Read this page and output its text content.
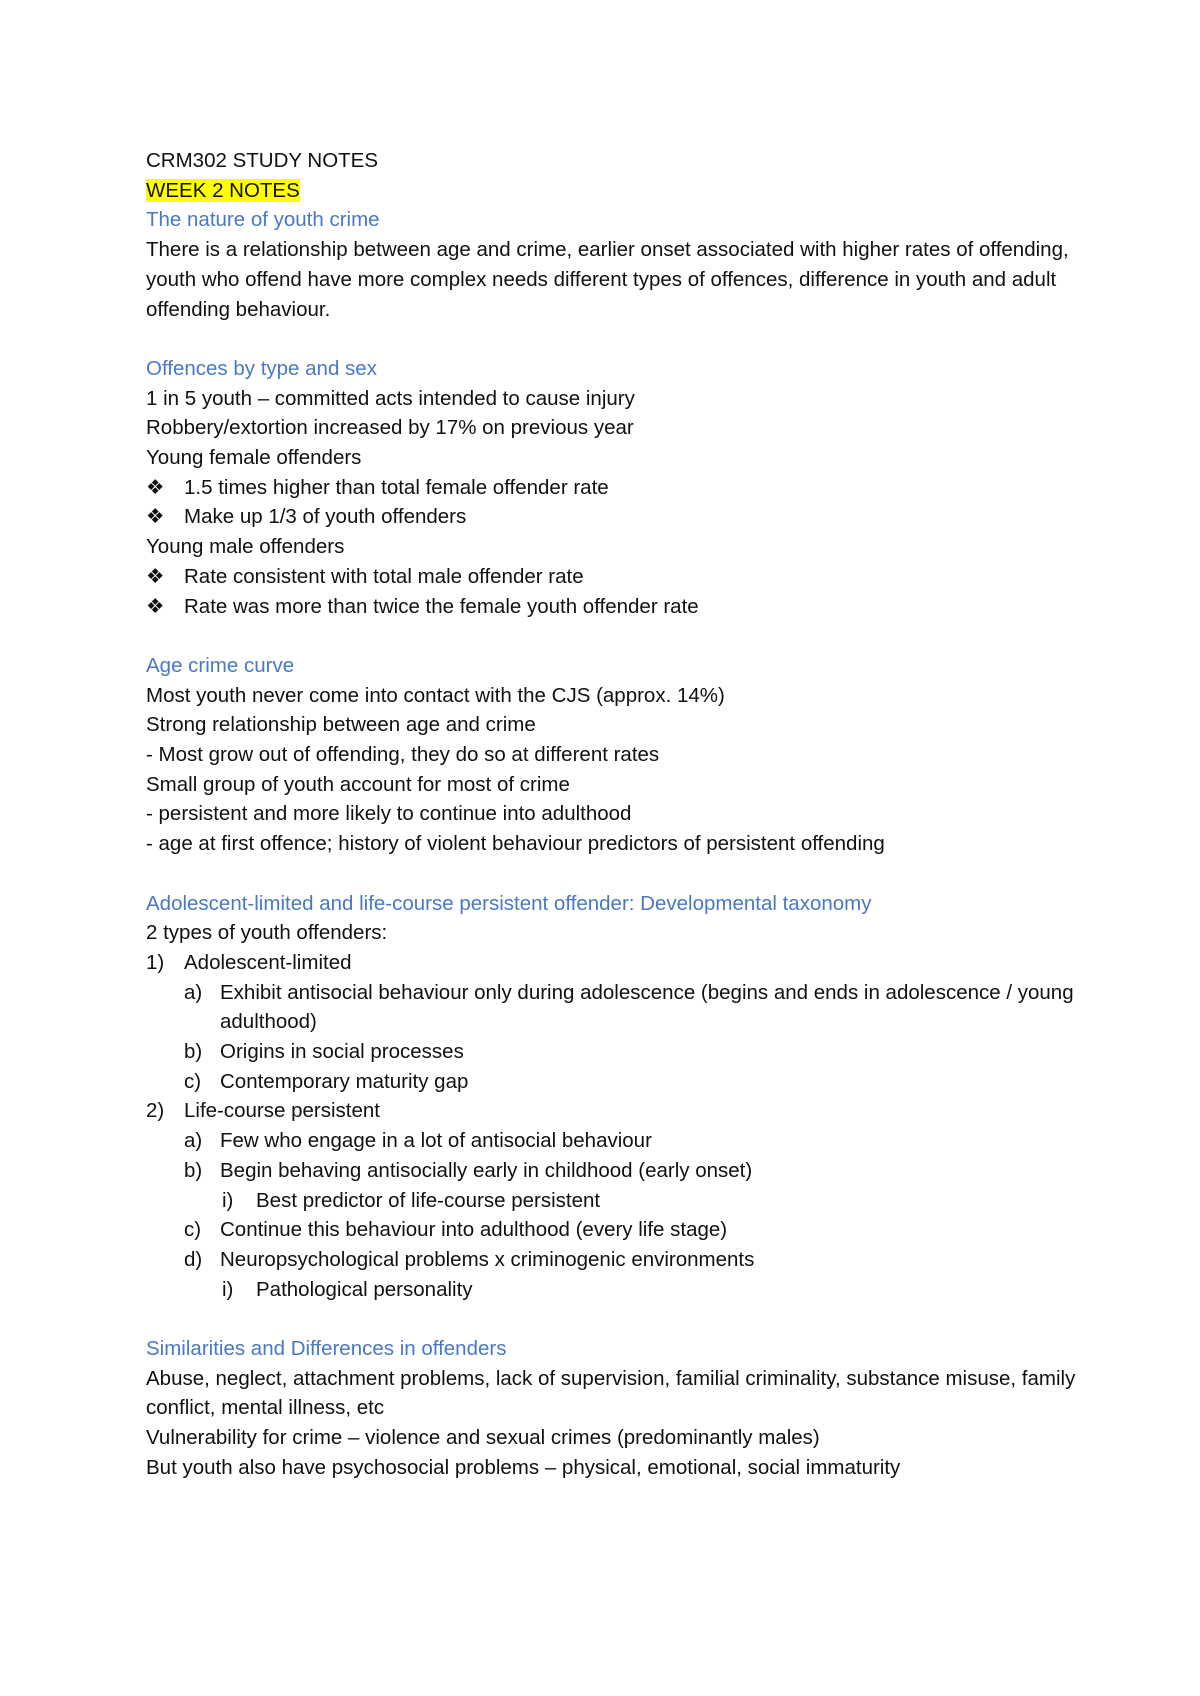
CRM302 STUDY NOTES
WEEK 2 NOTES
The nature of youth crime
There is a relationship between age and crime, earlier onset associated with higher rates of offending, youth who offend have more complex needs different types of offences, difference in youth and adult offending behaviour.
Offences by type and sex
1 in 5 youth – committed acts intended to cause injury
Robbery/extortion increased by 17% on previous year
Young female offenders
❖ 1.5 times higher than total female offender rate
❖ Make up 1/3 of youth offenders
Young male offenders
❖ Rate consistent with total male offender rate
❖ Rate was more than twice the female youth offender rate
Age crime curve
Most youth never come into contact with the CJS (approx. 14%)
Strong relationship between age and crime
- Most grow out of offending, they do so at different rates
Small group of youth account for most of crime
- persistent and more likely to continue into adulthood
- age at first offence; history of violent behaviour predictors of persistent offending
Adolescent-limited and life-course persistent offender: Developmental taxonomy
2 types of youth offenders:
1) Adolescent-limited
a) Exhibit antisocial behaviour only during adolescence (begins and ends in adolescence / young adulthood)
b) Origins in social processes
c) Contemporary maturity gap
2) Life-course persistent
a) Few who engage in a lot of antisocial behaviour
b) Begin behaving antisocially early in childhood (early onset)
i) Best predictor of life-course persistent
c) Continue this behaviour into adulthood (every life stage)
d) Neuropsychological problems x criminogenic environments
i) Pathological personality
Similarities and Differences in offenders
Abuse, neglect, attachment problems, lack of supervision, familial criminality, substance misuse, family conflict, mental illness, etc
Vulnerability for crime – violence and sexual crimes (predominantly males)
But youth also have psychosocial problems – physical, emotional, social immaturity
